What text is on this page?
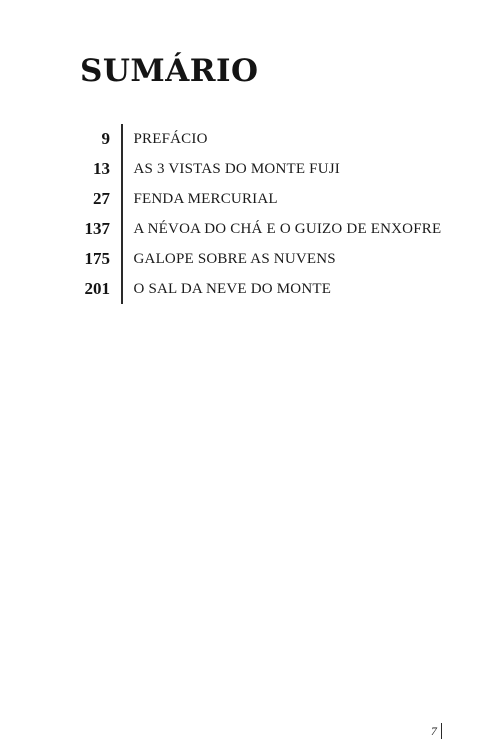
SUMÁRIO
9	PREFÁCIO
13	AS 3 VISTAS DO MONTE FUJI
27	FENDA MERCURIAL
137	A NÉVOA DO CHÁ E O GUIZO DE ENXOFRE
175	GALOPE SOBRE AS NUVENS
201	O SAL DA NEVE DO MONTE
7
